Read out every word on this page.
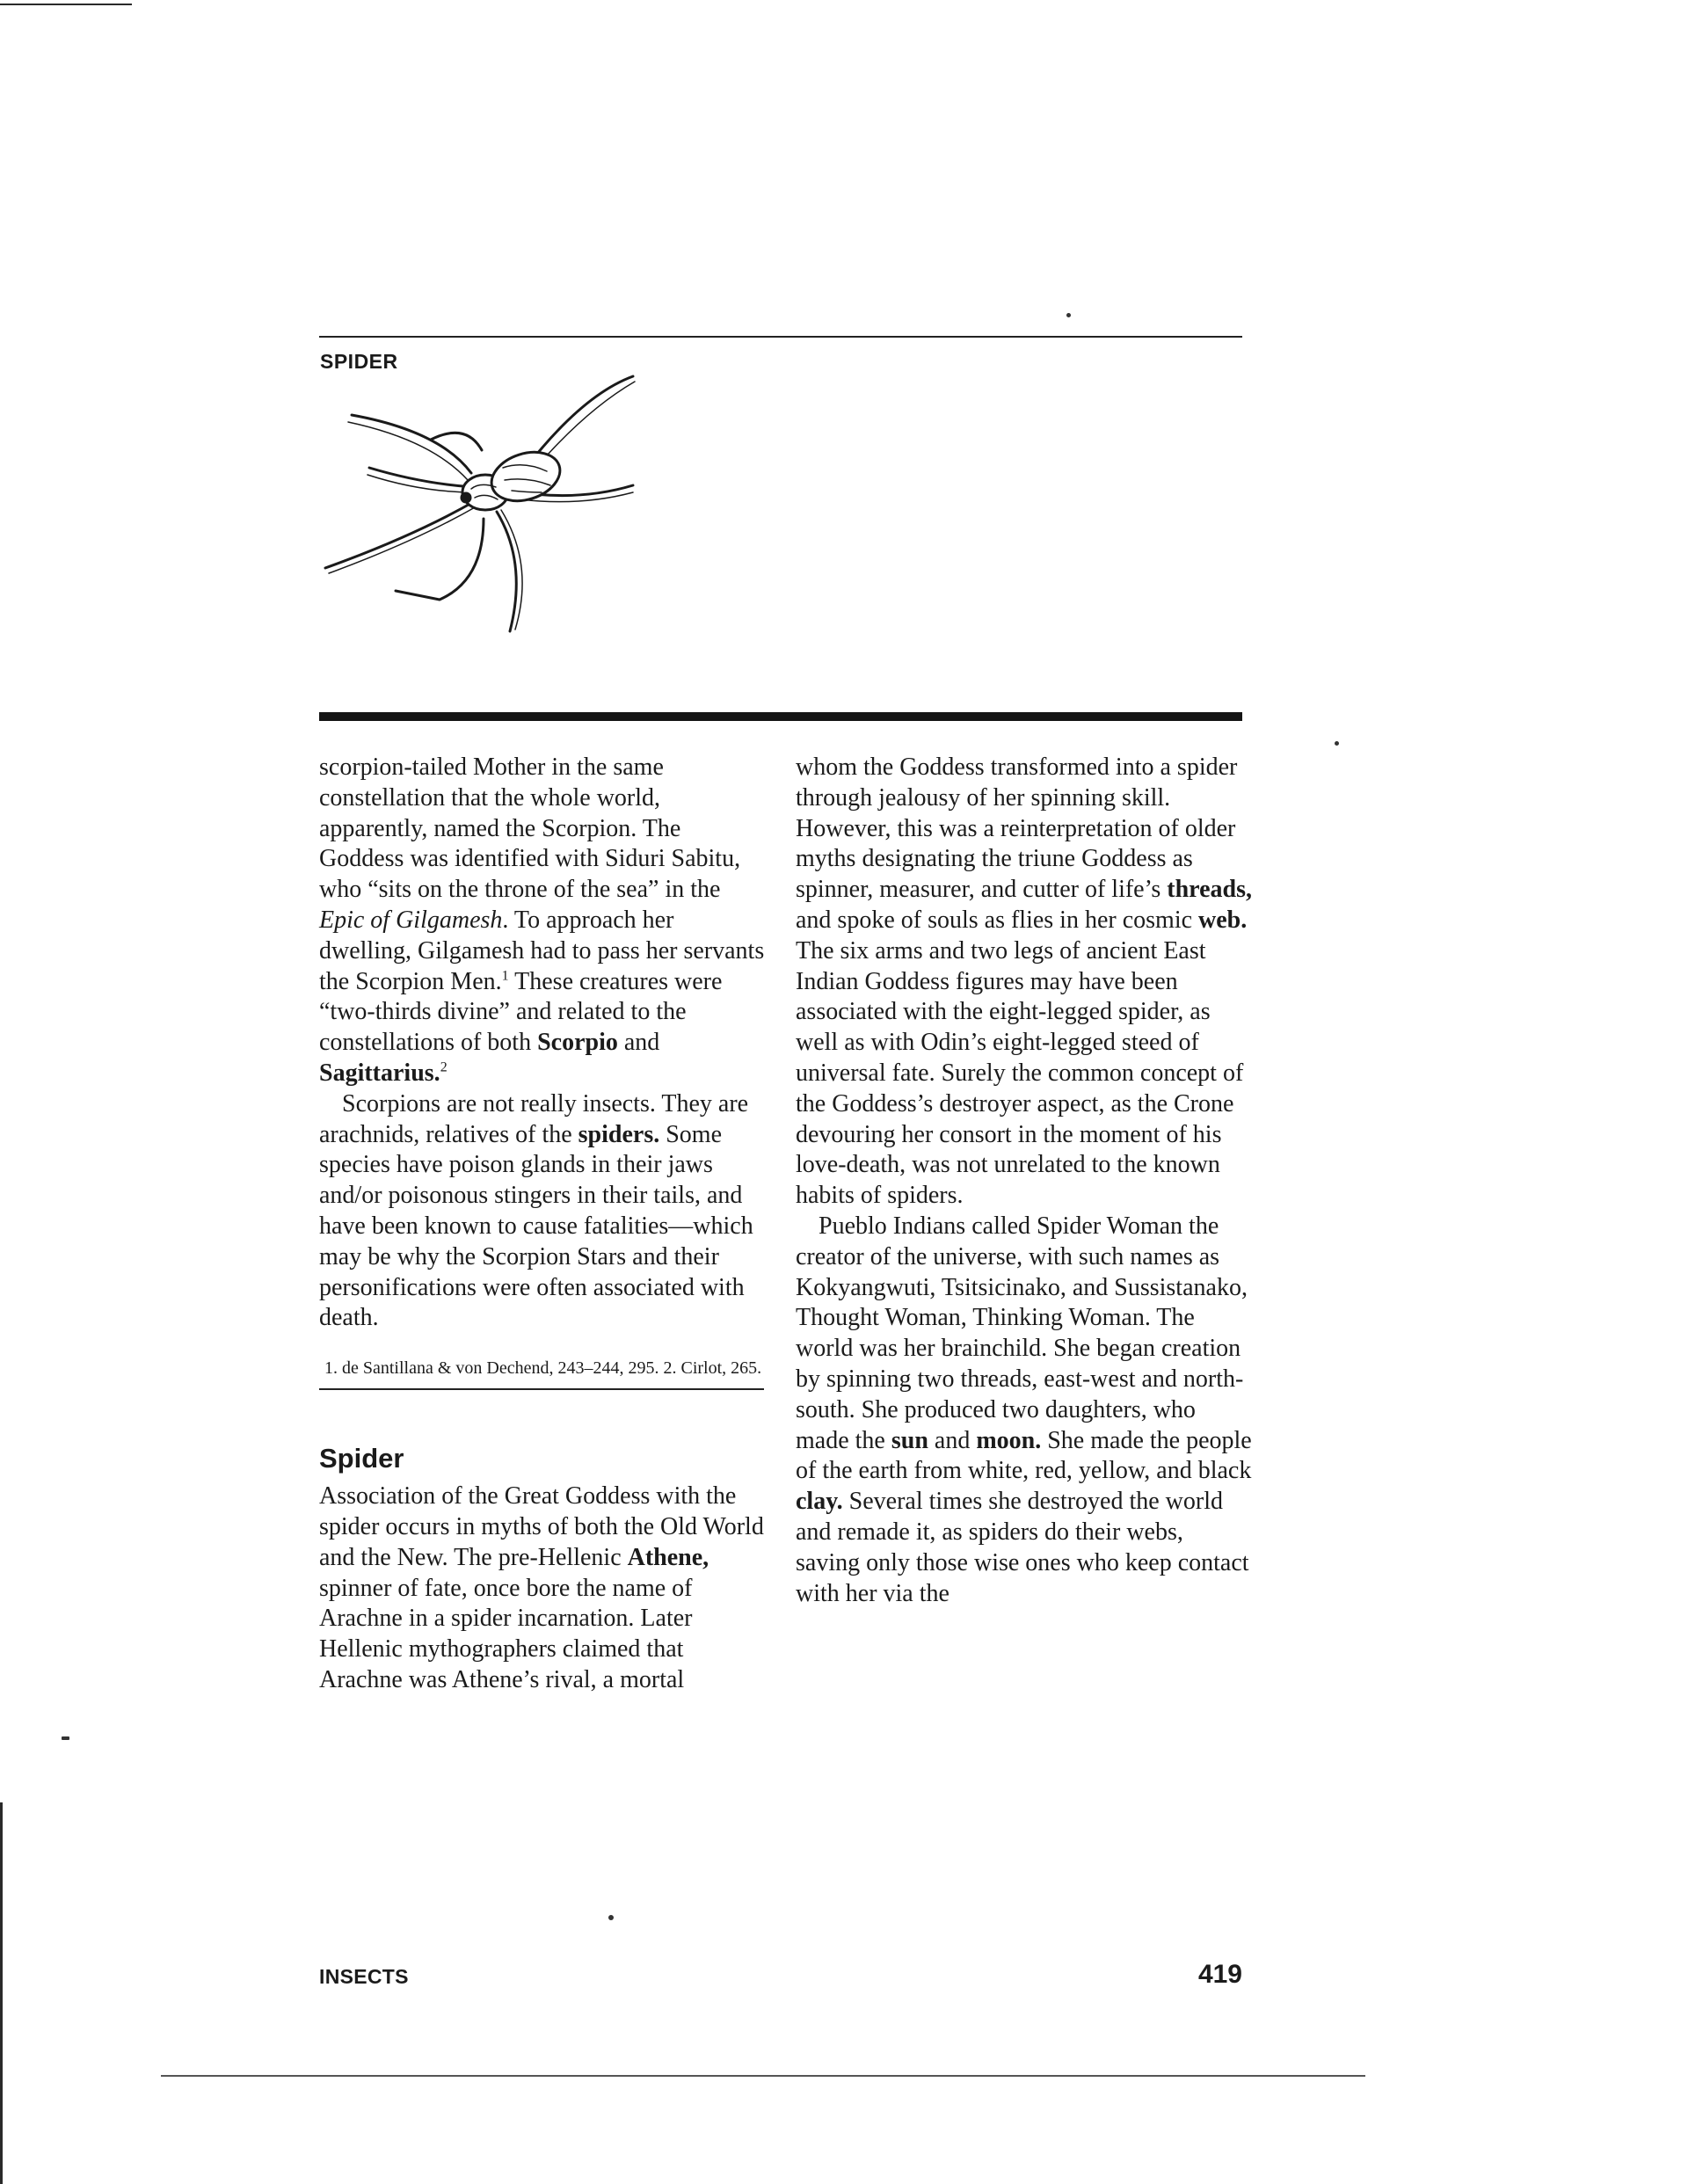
SPIDER

scorpion-tailed Mother in the same constellation that the whole world, apparently, named the Scorpion. The Goddess was identified with Siduri Sabitu, who “sits on the throne of the sea” in the Epic of Gilgamesh. To approach her dwelling, Gilgamesh had to pass her servants the Scorpion Men.$^1$ These creatures were “two-thirds divine” and related to the constellations of both Scorpio and Sagittarius.$^2$

Scorpions are not really insects. They are arachnids, relatives of the spiders. Some species have poison glands in their jaws and/or poisonous stingers in their tails, and have been known to cause fatalities—which may be why the Scorpion Stars and their personifications were often associated with death.

1. de Santillana & von Dechend, 243–244, 295. 2. Cirlot, 265.
Spider

Association of the Great Goddess with the spider occurs in myths of both the Old World and the New. The pre-Hellenic Athene, spinner of fate, once bore the name of Arachne in a spider incarnation. Later Hellenic mythographers claimed that Arachne was Athene’s rival, a mortal

whom the Goddess transformed into a spider through jealousy of her spinning skill. However, this was a reinterpretation of older myths designating the triune Goddess as spinner, measurer, and cutter of life’s threads, and spoke of souls as flies in her cosmic web. The six arms and two legs of ancient East Indian Goddess figures may have been associated with the eight-legged spider, as well as with Odin’s eight-legged steed of universal fate. Surely the common concept of the Goddess’s destroyer aspect, as the Crone devouring her consort in the moment of his love-death, was not unrelated to the known habits of spiders.

Pueblo Indians called Spider Woman the creator of the universe, with such names as Kokyangwuti, Tsitsicinako, and Sussistanako, Thought Woman, Thinking Woman. The world was her brainchild. She began creation by spinning two threads, east-west and north-south. She produced two daughters, who made the sun and moon. She made the people of the earth from white, red, yellow, and black clay. Several times she destroyed the world and remade it, as spiders do their webs, saving only those wise ones who keep contact with her via the

INSECTS	419
